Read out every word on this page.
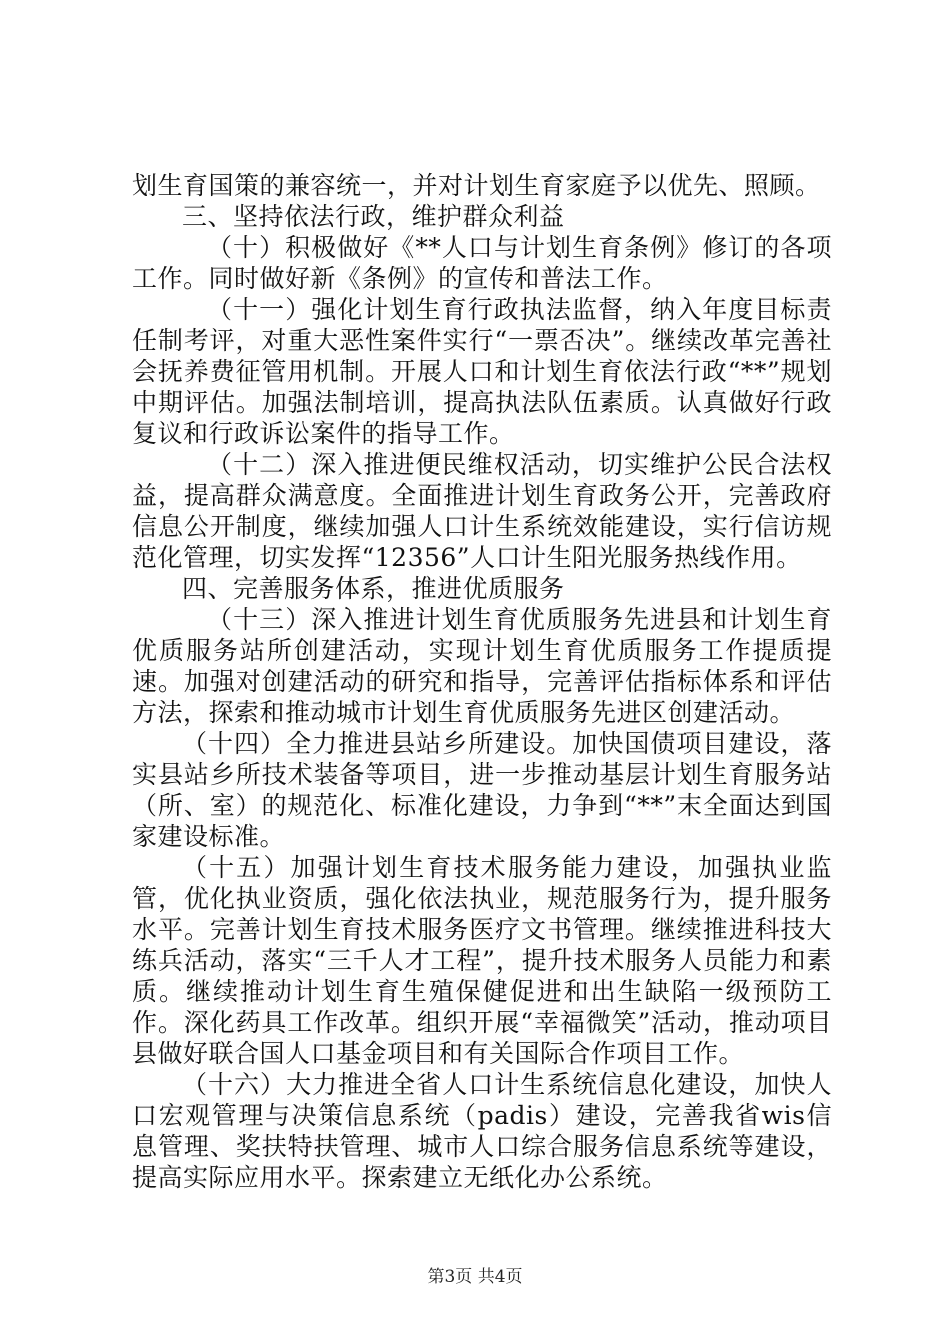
划生育国策的兼容统一，并对计划生育家庭予以优先、照顾。

三、坚持依法行政，维护群众利益

（十）积极做好《**人口与计划生育条例》修订的各项工作。同时做好新《条例》的宣传和普法工作。

（十一）强化计划生育行政执法监督，纳入年度目标责任制考评，对重大恶性案件实行“一票否决”。继续改革完善社会抚养费征管用机制。开展人口和计划生育依法行政“**”规划中期评估。加强法制培训，提高执法队伍素质。认真做好行政复议和行政诉讼案件的指导工作。

（十二）深入推进便民维权活动，切实维护公民合法权益，提高群众满意度。全面推进计划生育政务公开，完善政府信息公开制度，继续加强人口计生系统效能建设，实行信访规范化管理，切实发挥“12356”人口计生阳光服务热线作用。

四、完善服务体系，推进优质服务

（十三）深入推进计划生育优质服务先进县和计划生育优质服务站所创建活动，实现计划生育优质服务工作提质提速。加强对创建活动的研究和指导，完善评估指标体系和评估方法，探索和推动城市计划生育优质服务先进区创建活动。

（十四）全力推进县站乡所建设。加快国债项目建设，落实县站乡所技术装备等项目，进一步推动基层计划生育服务站（所、室）的规范化、标准化建设，力争到“**”末全面达到国家建设标准。

（十五）加强计划生育技术服务能力建设，加强执业监管，优化执业资质，强化依法执业，规范服务行为，提升服务水平。完善计划生育技术服务医疗文书管理。继续推进科技大练兵活动，落实“三千人才工程”，提升技术服务人员能力和素质。继续推动计划生育生殖保健促进和出生缺陷一级预防工作。深化药具工作改革。组织开展“幸福微笑”活动，推动项目县做好联合国人口基金项目和有关国际合作项目工作。

（十六）大力推进全省人口计生系统信息化建设，加快人口宏观管理与决策信息系统（padis）建设，完善我省wis信息管理、奖扶特扶管理、城市人口综合服务信息系统等建设，提高实际应用水平。探索建立无纸化办公系统。

第3页 共4页
